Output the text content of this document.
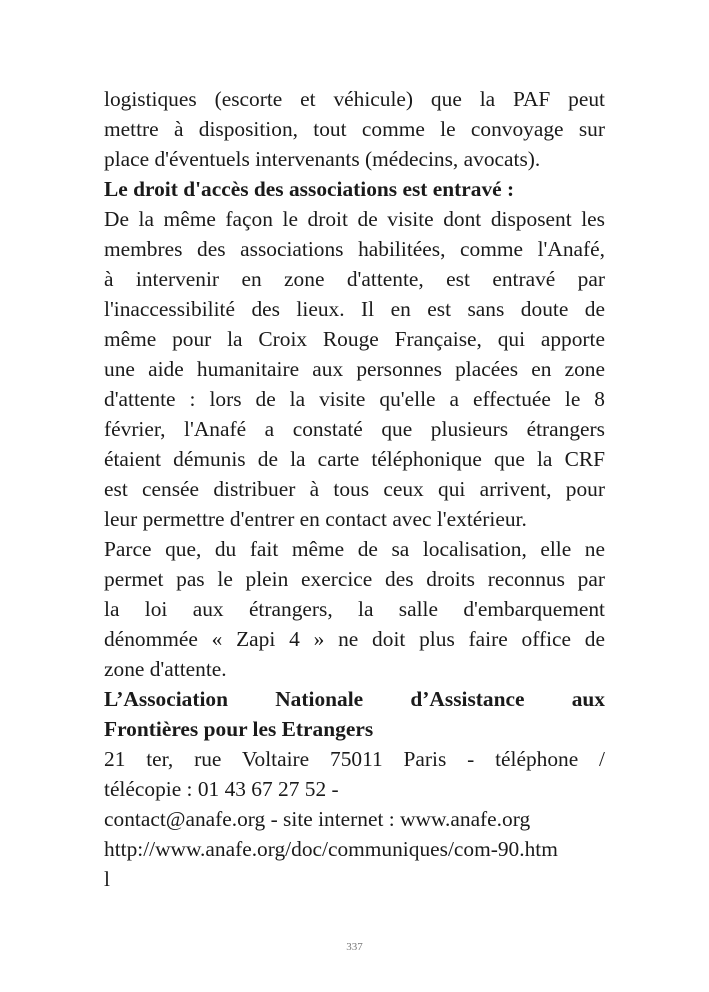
logistiques (escorte et véhicule) que la PAF peut
mettre à disposition, tout comme le convoyage sur
place d'éventuels intervenants (médecins, avocats).
Le droit d'accès des associations est entravé :
De la même façon le droit de visite dont disposent les
membres des associations habilitées, comme l'Anafé,
à intervenir en zone d'attente, est entravé par
l'inaccessibilité des lieux. Il en est sans doute de
même pour la Croix Rouge Française, qui apporte
une aide humanitaire aux personnes placées en zone
d'attente : lors de la visite qu'elle a effectuée le 8
février, l'Anafé a constaté que plusieurs étrangers
étaient démunis de la carte téléphonique que la CRF
est censée distribuer à tous ceux qui arrivent, pour
leur permettre d'entrer en contact avec l'extérieur.
Parce que, du fait même de sa localisation, elle ne
permet pas le plein exercice des droits reconnus par
la loi aux étrangers, la salle d'embarquement
dénommée « Zapi 4 » ne doit plus faire office de
zone d'attente.
L’Association Nationale d’Assistance aux
Frontières pour les Etrangers
21 ter, rue Voltaire 75011 Paris - téléphone /
télécopie : 01 43 67 27 52 -
contact@anafe.org - site internet : www.anafe.org
http://www.anafe.org/doc/communiques/com-90.htm
l
337
